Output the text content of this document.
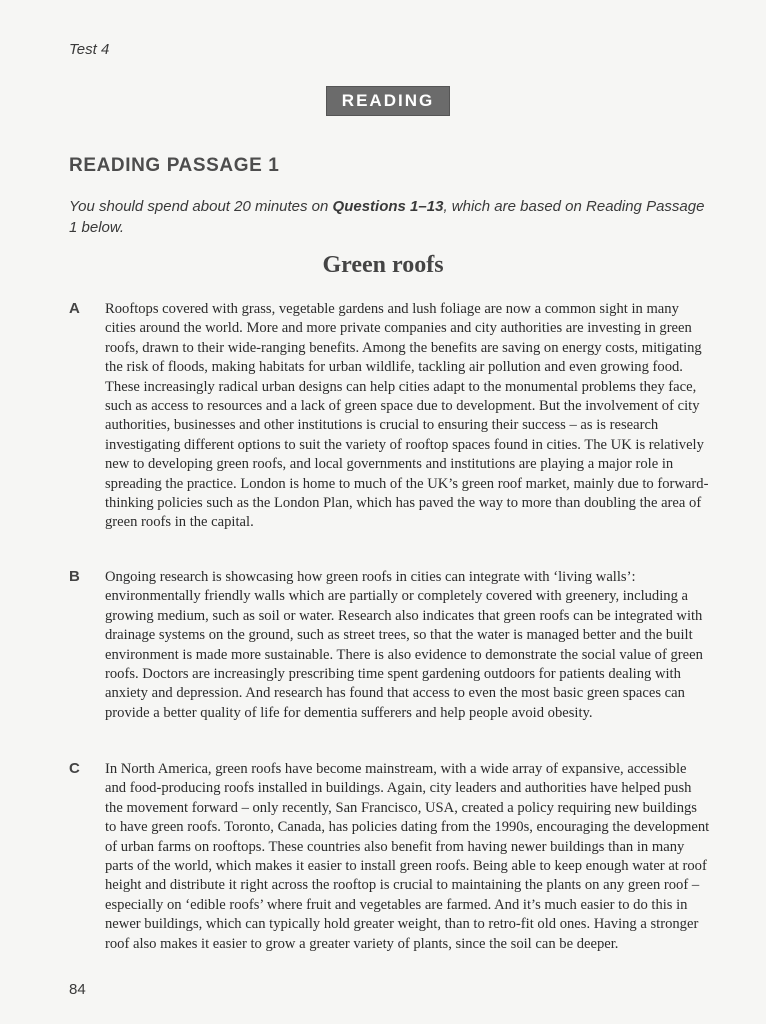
Test 4
READING
READING PASSAGE 1
You should spend about 20 minutes on Questions 1–13, which are based on Reading Passage 1 below.
Green roofs
A Rooftops covered with grass, vegetable gardens and lush foliage are now a common sight in many cities around the world. More and more private companies and city authorities are investing in green roofs, drawn to their wide-ranging benefits. Among the benefits are saving on energy costs, mitigating the risk of floods, making habitats for urban wildlife, tackling air pollution and even growing food. These increasingly radical urban designs can help cities adapt to the monumental problems they face, such as access to resources and a lack of green space due to development. But the involvement of city authorities, businesses and other institutions is crucial to ensuring their success – as is research investigating different options to suit the variety of rooftop spaces found in cities. The UK is relatively new to developing green roofs, and local governments and institutions are playing a major role in spreading the practice. London is home to much of the UK’s green roof market, mainly due to forward-thinking policies such as the London Plan, which has paved the way to more than doubling the area of green roofs in the capital.
B Ongoing research is showcasing how green roofs in cities can integrate with ‘living walls’: environmentally friendly walls which are partially or completely covered with greenery, including a growing medium, such as soil or water. Research also indicates that green roofs can be integrated with drainage systems on the ground, such as street trees, so that the water is managed better and the built environment is made more sustainable. There is also evidence to demonstrate the social value of green roofs. Doctors are increasingly prescribing time spent gardening outdoors for patients dealing with anxiety and depression. And research has found that access to even the most basic green spaces can provide a better quality of life for dementia sufferers and help people avoid obesity.
C In North America, green roofs have become mainstream, with a wide array of expansive, accessible and food-producing roofs installed in buildings. Again, city leaders and authorities have helped push the movement forward – only recently, San Francisco, USA, created a policy requiring new buildings to have green roofs. Toronto, Canada, has policies dating from the 1990s, encouraging the development of urban farms on rooftops. These countries also benefit from having newer buildings than in many parts of the world, which makes it easier to install green roofs. Being able to keep enough water at roof height and distribute it right across the rooftop is crucial to maintaining the plants on any green roof – especially on ‘edible roofs’ where fruit and vegetables are farmed. And it’s much easier to do this in newer buildings, which can typically hold greater weight, than to retro-fit old ones. Having a stronger roof also makes it easier to grow a greater variety of plants, since the soil can be deeper.
84
